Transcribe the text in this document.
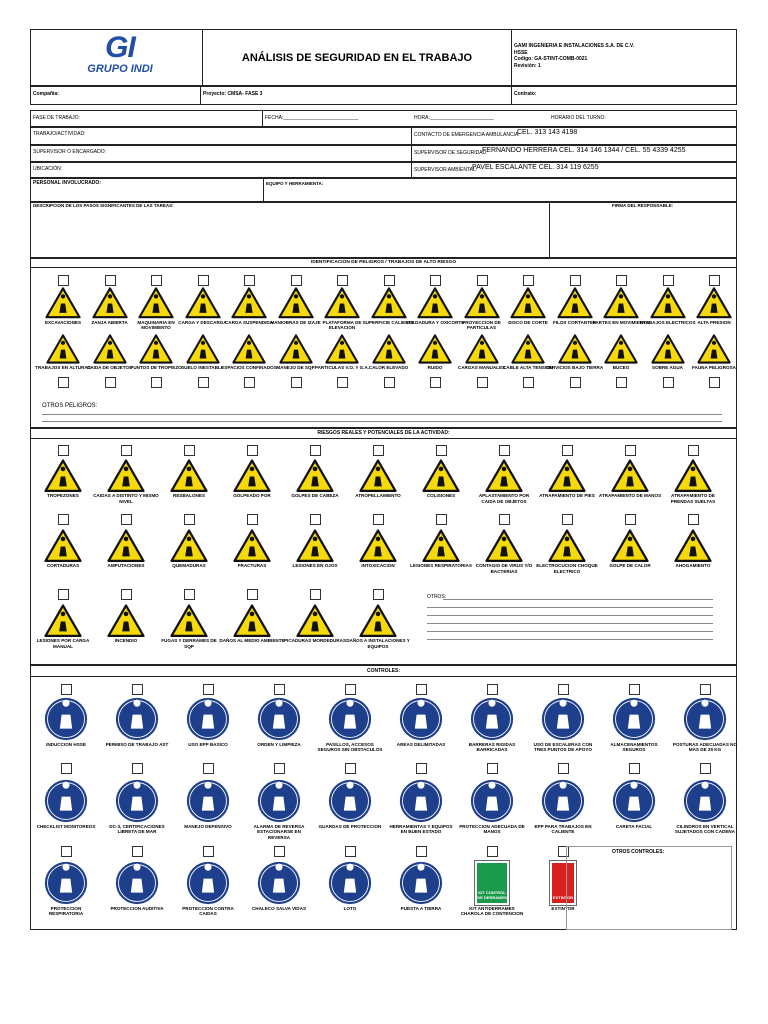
GI
GRUPO INDI
ANÁLISIS DE SEGURIDAD EN EL TRABAJO
GAMI INGENIERIA E INSTALACIONES S.A. DE C.V.
HSSE
Codigo: GA-STINT-COMB-0021
Revisión: 1
Compañia:	Proyecto: CMSA- FASE 3	Contrato:
FASE DE TRABAJO:	FECHA:___________________________	HORA:_______________________	HORARIO DEL TURNO:
TRABAJO/ACTIVIDAD:	CONTACTO DE EMERGENCIA AMBULANCIA:
CEL. 313 143 4198
SUPERVISOR O ENCARGADO:	SUPERVISOR DE SEGURIDAD:
FERNANDO HERRERA CEL. 314 146 1344 / CEL. 55 4339 4255
UBICACIÓN:	SUPERVISOR AMBIENTAL:
PAVEL ESCALANTE CEL. 314 119 6255
PERSONAL INVOLUCRADO:	EQUIPO Y HERRAMIENTA:
DESCRIPCION DE LOS PASOS SIGNIFICANTES DE LAS TAREAS:	FIRMA DEL RESPONSABLE:
IDENTIFICACION DE PELIGROS / TRABAJOS DE ALTO RIESGO
EXCAVACIONES	ZANJA ABIERTA	MAQUINARIA EN MOVIMIENTO
CARGA Y DESCARGA
CARGA SUSPENDIDA
MANIOBRAS DE IZAJE PLATAFORMA DE ELEVACION
SUPERFICIE CALIENTE
SOLDADURA Y OXICORTE
PROYECCION DE PARTICULAS
DISCO DE CORTE	FILOS CORTANTES
PARTES EN MOVIMIENTO
TRABAJOS ELECTRICOS ALTA PRESION
TRABAJOS EN ALTURAS
CAIDA DE OBJETOS
PUNTOS DE TROPIEZO SUELO INESTABLE
ESPACIOS CONFINADOS MANEJO DE SQP PARTICULAS V.O. Y G.A. CALOR ELEVADO	RUIDO	CARGAS MANUALES
CABLE ALTA TENSION
SERVICIOS BAJO TIERRA	BUCEO	SOBRE AGUA	FAUNA PELIGROSA
OTROS PELIGROS:
RIESGOS REALES Y POTENCIALES DE LA ACTIVIDAD:
TROPEZONES	CAIDAS A DISTINTO Y MISMO NIVEL
RESBALONES	GOLPEADO POR	GOLPES DE CABEZA	ATROPELLAMIENTO	COLISIONES	APLASTAMIENTO POR CAIDA DE OBJETOS
ATRAPAMIENTO DE PIES ATRAPAMIENTO DE MANOS	ATRAPAMIENTO DE PRENDAS SUELTAS
CORTADURAS	AMPUTACIONES	QUEMADURAS	FRACTURAS	LESIONES EN OJOS	INTOXICACION	LESIONES RESPIRATORIAS CONTAGIO DE VIRUS Y/O BACTERIAS
ELECTROCUCION CHOQUE ELECTRICO
GOLPE DE CALOR	AHOGAMIENTO
LESIONES POR CARGA MANUAL
INCENDIO	FUGAS Y DERRAMES DE SQP
DAÑOS AL MEDIO AMBIENTE PICADURAS MORDEDURAS DAÑOS A INSTALACIONES Y EQUIPOS
OTROS:
CONTROLES:
INDUCCION HSSE	PERMISO DE TRABAJO AST	USO EPP BASICO	ORDEN Y LIMPIEZA	PASILLOS, ACCESOS SEGUROS SIN OBSTACULOS
AREAS DELIMITADAS	BARRERAS RIGIDAS BARRICADAS
USO DE ESCALERAS CON TRES PUNTOS DE APOYO
ALMACENAMIENTOS SEGUROS
POSTURAS ADECUADAS NO MAS DE 25 KG
CHECKLIST MONITOREOS	DC-3, CERTIFICACIONES LIBRETA DE MAR
MANEJO DEFENSIVO	ALARMA DE REVERSA ESTACIONARSE EN REVERSA
GUARDAS DE PROTECCION	HERRAMIENTAS Y EQUIPOS EN BUEN ESTADO
PROTECCION ADECUADA DE MANOS
EPP PARA TRABAJOS EN CALIENTE
CARETA FACIAL	CILINDROS EN VERTICAL SUJETADOS CON CADENA
PROTECCION RESPIRATORIA
PROTECCION AUDITIVA	PROTECCION CONTRA CAIDAS
CHALECO SALVA VIDAS	LOTO	PUESTA A TIERRA
KIT CONTROL DE DERRAMES
KIT ANTIDERRAMES CHAROLA DE CONTENCION
EXTINTOR
EXTINTOR
OTROS CONTROLES:
